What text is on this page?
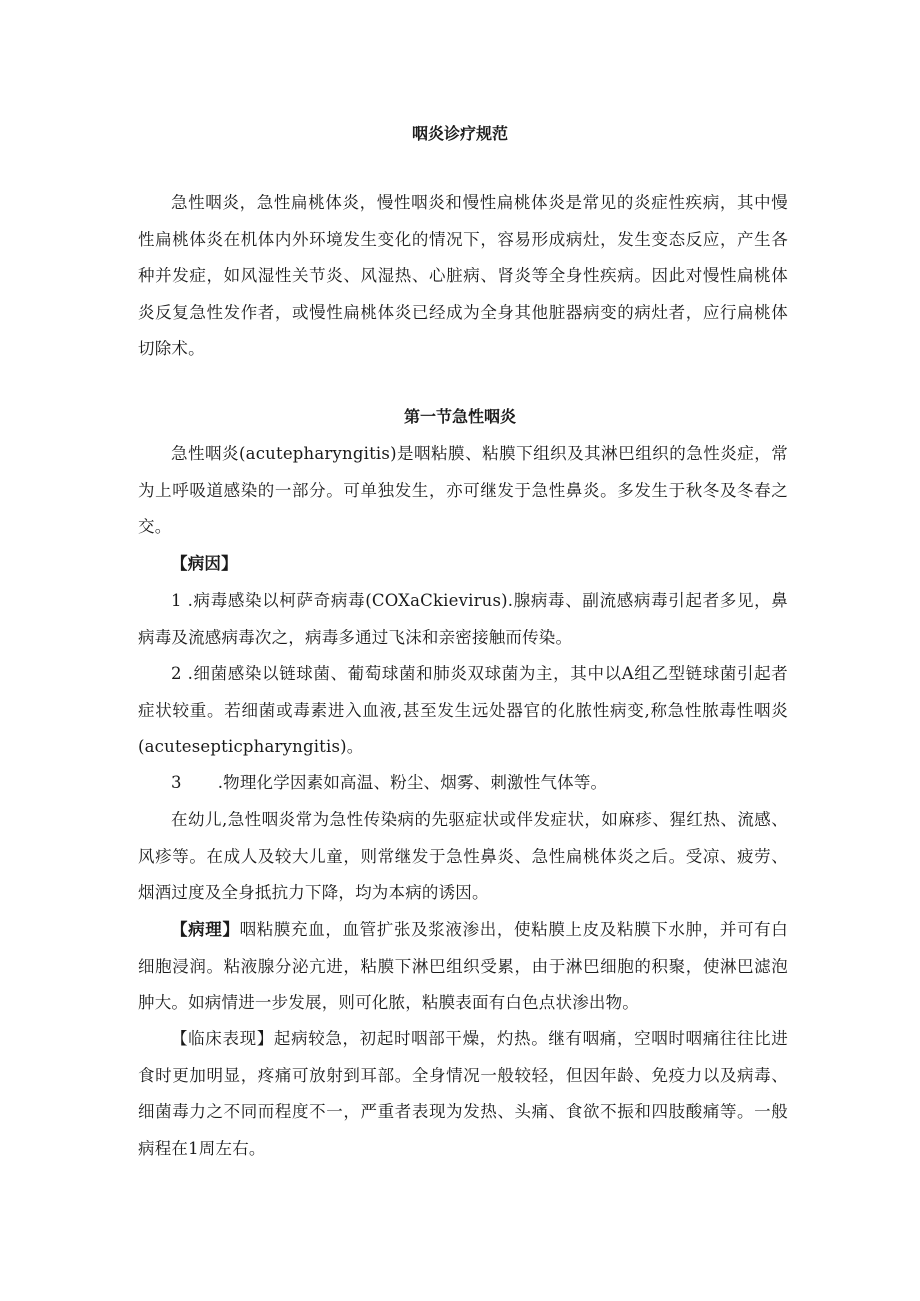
咽炎诊疗规范

急性咽炎，急性扁桃体炎，慢性咽炎和慢性扁桃体炎是常见的炎症性疾病，其中慢性扁桃体炎在机体内外环境发生变化的情况下，容易形成病灶，发生变态反应，产生各种并发症，如风湿性关节炎、风湿热、心脏病、肾炎等全身性疾病。因此对慢性扁桃体炎反复急性发作者，或慢性扁桃体炎已经成为全身其他脏器病变的病灶者，应行扁桃体切除术。

第一节急性咽炎

急性咽炎(acutepharyngitis)是咽粘膜、粘膜下组织及其淋巴组织的急性炎症，常为上呼吸道感染的一部分。可单独发生，亦可继发于急性鼻炎。多发生于秋冬及冬春之交。

【病因】

1 .病毒感染以柯萨奇病毒(COXaCkievirus).腺病毒、副流感病毒引起者多见，鼻病毒及流感病毒次之，病毒多通过飞沫和亲密接触而传染。

2 .细菌感染以链球菌、葡萄球菌和肺炎双球菌为主，其中以A组乙型链球菌引起者症状较重。若细菌或毒素进入血液,甚至发生远处器官的化脓性病变,称急性脓毒性咽炎(acutesepticpharyngitis)。

3 .物理化学因素如高温、粉尘、烟雾、刺激性气体等。

在幼儿,急性咽炎常为急性传染病的先驱症状或伴发症状，如麻疹、猩红热、流感、风疹等。在成人及较大儿童，则常继发于急性鼻炎、急性扁桃体炎之后。受凉、疲劳、烟酒过度及全身抵抗力下降，均为本病的诱因。

【病理】咽粘膜充血，血管扩张及浆液渗出，使粘膜上皮及粘膜下水肿，并可有白细胞浸润。粘液腺分泌亢进，粘膜下淋巴组织受累，由于淋巴细胞的积聚，使淋巴滤泡肿大。如病情进一步发展，则可化脓，粘膜表面有白色点状渗出物。

【临床表现】起病较急，初起时咽部干燥，灼热。继有咽痛，空咽时咽痛往往比进食时更加明显，疼痛可放射到耳部。全身情况一般较轻，但因年龄、免疫力以及病毒、细菌毒力之不同而程度不一，严重者表现为发热、头痛、食欲不振和四肢酸痛等。一般病程在1周左右。
